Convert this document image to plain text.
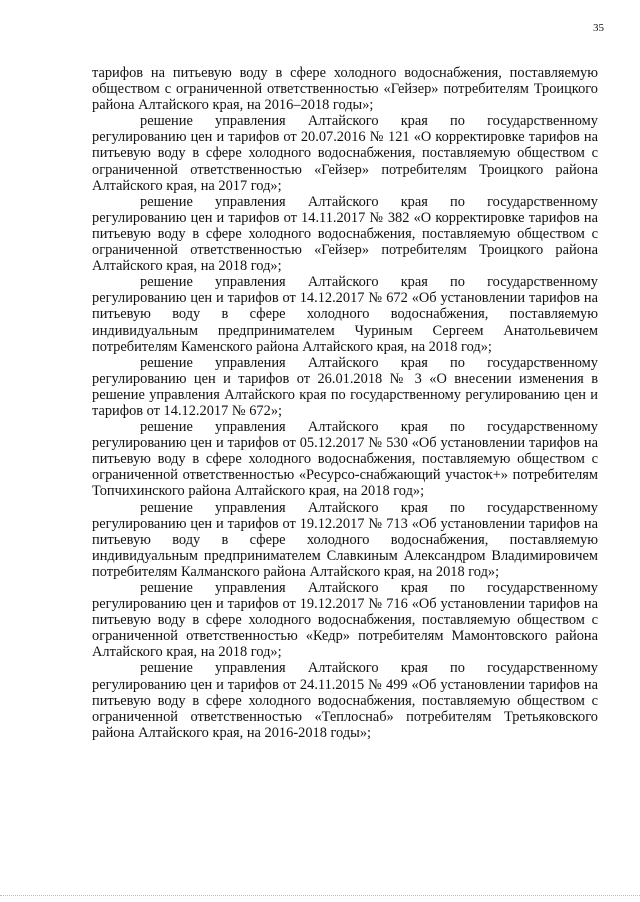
35

тарифов на питьевую воду в сфере холодного водоснабжения, поставляемую обществом с ограниченной ответственностью «Гейзер» потребителям Троицкого района Алтайского края, на 2016–2018 годы»;

решение управления Алтайского края по государственному регулированию цен и тарифов от 20.07.2016 № 121 «О корректировке тарифов на питьевую воду в сфере холодного водоснабжения, поставляемую обществом с ограниченной ответственностью «Гейзер» потребителям Троицкого района Алтайского края, на 2017 год»;

решение управления Алтайского края по государственному регулированию цен и тарифов от 14.11.2017 № 382 «О корректировке тарифов на питьевую воду в сфере холодного водоснабжения, поставляемую обществом с ограниченной ответственностью «Гейзер» потребителям Троицкого района Алтайского края, на 2018 год»;

решение управления Алтайского края по государственному регулированию цен и тарифов от 14.12.2017 № 672 «Об установлении тарифов на питьевую воду в сфере холодного водоснабжения, поставляемую индивидуальным предпринимателем Чуриным Сергеем Анатольевичем потребителям Каменского района Алтайского края, на 2018 год»;

решение управления Алтайского края по государственному регулированию цен и тарифов от 26.01.2018 № 3 «О внесении изменения в решение управления Алтайского края по государственному регулированию цен и тарифов от 14.12.2017 № 672»;

решение управления Алтайского края по государственному регулированию цен и тарифов от 05.12.2017 № 530 «Об установлении тарифов на питьевую воду в сфере холодного водоснабжения, поставляемую обществом с ограниченной ответственностью «Ресурсо-снабжающий участок+» потребителям Топчихинского района Алтайского края, на 2018 год»;

решение управления Алтайского края по государственному регулированию цен и тарифов от 19.12.2017 № 713 «Об установлении тарифов на питьевую воду в сфере холодного водоснабжения, поставляемую индивидуальным предпринимателем Славкиным Александром Владимировичем потребителям Калманского района Алтайского края, на 2018 год»;

решение управления Алтайского края по государственному регулированию цен и тарифов от 19.12.2017 № 716 «Об установлении тарифов на питьевую воду в сфере холодного водоснабжения, поставляемую обществом с ограниченной ответственностью «Кедр» потребителям Мамонтовского района Алтайского края, на 2018 год»;

решение управления Алтайского края по государственному регулированию цен и тарифов от 24.11.2015 № 499 «Об установлении тарифов на питьевую воду в сфере холодного водоснабжения, поставляемую обществом с ограниченной ответственностью «Теплоснаб» потребителям Третьяковского района Алтайского края, на 2016-2018 годы»;
